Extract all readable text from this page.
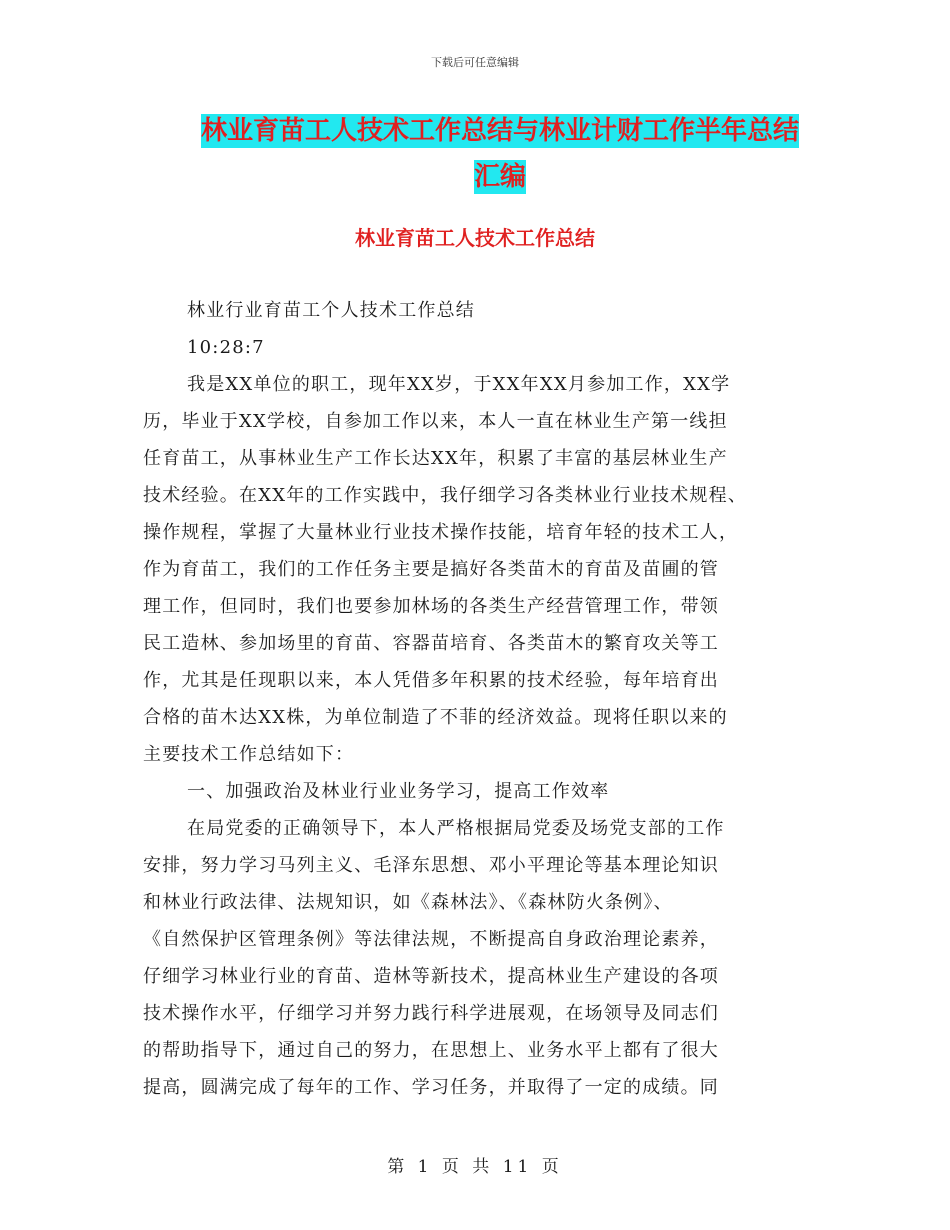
下载后可任意编辑
林业育苗工人技术工作总结与林业计财工作半年总结
汇编
林业育苗工人技术工作总结
林业行业育苗工个人技术工作总结
10:28:7
我是XX单位的职工，现年XX岁，于XX年XX月参加工作，XX学
历，毕业于XX学校，自参加工作以来，本人一直在林业生产第一线担
任育苗工，从事林业生产工作长达XX年，积累了丰富的基层林业生产
技术经验。在XX年的工作实践中，我仔细学习各类林业行业技术规程、
操作规程，掌握了大量林业行业技术操作技能，培育年轻的技术工人，
作为育苗工，我们的工作任务主要是搞好各类苗木的育苗及苗圃的管
理工作，但同时，我们也要参加林场的各类生产经营管理工作，带领
民工造林、参加场里的育苗、容器苗培育、各类苗木的繁育攻关等工
作，尤其是任现职以来，本人凭借多年积累的技术经验，每年培育出
合格的苗木达XX株，为单位制造了不菲的经济效益。现将任职以来的
主要技术工作总结如下：
一、加强政治及林业行业业务学习，提高工作效率
在局党委的正确领导下，本人严格根据局党委及场党支部的工作
安排，努力学习马列主义、毛泽东思想、邓小平理论等基本理论知识
和林业行政法律、法规知识，如《森林法》、《森林防火条例》、
《自然保护区管理条例》等法律法规，不断提高自身政治理论素养，
仔细学习林业行业的育苗、造林等新技术，提高林业生产建设的各项
技术操作水平，仔细学习并努力践行科学进展观，在场领导及同志们
的帮助指导下，通过自己的努力，在思想上、业务水平上都有了很大
提高，圆满完成了每年的工作、学习任务，并取得了一定的成绩。同
第 1 页 共 11 页
